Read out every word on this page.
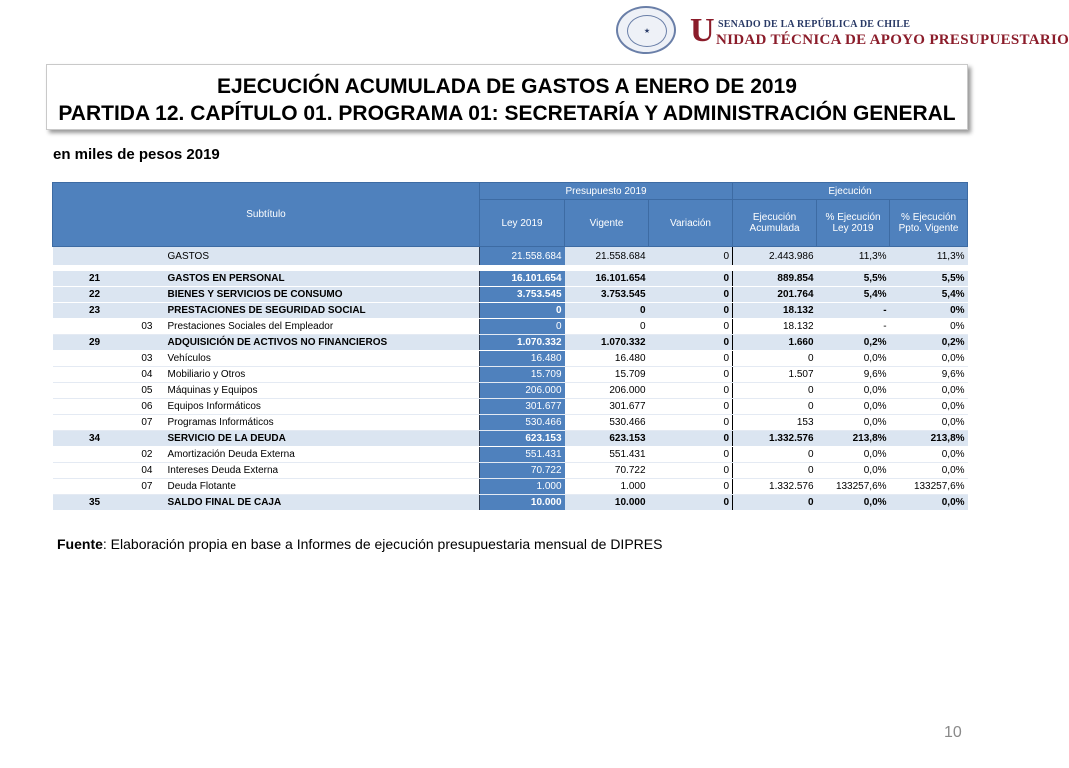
★	U SENADO DE LA REPÚBLICA DE CHILE
NIDAD TÉCNICA DE APOYO PRESUPUESTARIO
EJECUCIÓN ACUMULADA DE GASTOS A ENERO DE 2019
PARTIDA 12. CAPÍTULO 01. PROGRAMA 01: SECRETARÍA Y ADMINISTRACIÓN GENERAL
en miles de pesos 2019
Subtítulo			Presupuesto 2019			Ejecución		
			Ley 2019	Vigente	Variación	Ejecución Acumulada	% Ejecución Ley 2019	% Ejecución Ppto. Vigente
		GASTOS	21.558.684	21.558.684	0	2.443.986	11,3%	11,3%

21		GASTOS EN PERSONAL	16.101.654	16.101.654	0	889.854	5,5%	5,5%
22		BIENES Y SERVICIOS DE CONSUMO	3.753.545	3.753.545	0	201.764	5,4%	5,4%
23		PRESTACIONES DE SEGURIDAD SOCIAL	0	0	0	18.132	-	0%
	03	Prestaciones Sociales del Empleador	0	0	0	18.132	-	0%
29		ADQUISICIÓN DE ACTIVOS NO FINANCIEROS	1.070.332	1.070.332	0	1.660	0,2%	0,2%
	03	Vehículos	16.480	16.480	0	0	0,0%	0,0%
	04	Mobiliario y Otros	15.709	15.709	0	1.507	9,6%	9,6%
	05	Máquinas y Equipos	206.000	206.000	0	0	0,0%	0,0%
	06	Equipos Informáticos	301.677	301.677	0	0	0,0%	0,0%
	07	Programas Informáticos	530.466	530.466	0	153	0,0%	0,0%
34		SERVICIO DE LA DEUDA	623.153	623.153	0	1.332.576	213,8%	213,8%
	02	Amortización Deuda Externa	551.431	551.431	0	0	0,0%	0,0%
	04	Intereses Deuda Externa	70.722	70.722	0	0	0,0%	0,0%
	07	Deuda Flotante	1.000	1.000	0	1.332.576	133257,6%	133257,6%
35		SALDO FINAL DE CAJA	10.000	10.000	0	0	0,0%	0,0%
Fuente: Elaboración propia en base a Informes de ejecución presupuestaria mensual de DIPRES
10
